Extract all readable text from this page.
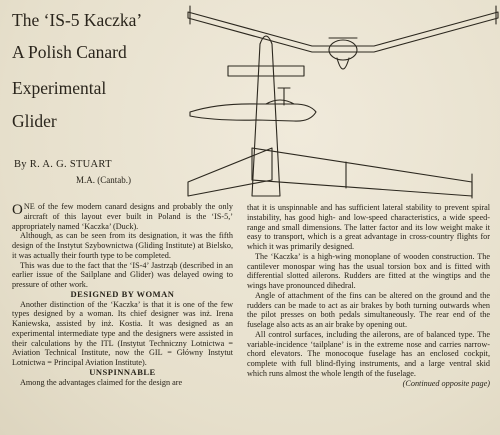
The ‘IS-5 Kaczka’
A Polish Canard
Experimental
Glider
By R. A. G. STUART
M.A. (Cantab.)

ONE of the few modern canard designs and probably the only aircraft of this layout ever built in Poland is the ‘IS-5,’ appropriately named ‘Kaczka’ (Duck).

Although, as can be seen from its designation, it was the fifth design of the Instytut Szybownictwa (Gliding Institute) at Bielsko, it was actually their fourth type to be completed.

This was due to the fact that the ‘IS-4’ Jastrząb (described in an earlier issue of the Sailplane and Glider) was delayed owing to pressure of other work.

DESIGNED BY WOMAN

Another distinction of the ‘Kaczka’ is that it is one of the few types designed by a woman. Its chief designer was inż. Irena Kaniewska, assisted by inż. Kostia. It was designed as an experimental intermediate type and the designers were assisted in their calculations by the ITL (Instytut Techniczny Lotnictwa = Aviation Technical Institute, now the GIL = Główny Instytut Lotnictwa = Principal Aviation Institute).

UNSPINNABLE

Among the advantages claimed for the design are

that it is unspinnable and has sufficient lateral stability to prevent spiral instability, has good high- and low-speed characteristics, a wide speed-range and small dimensions. The latter factor and its low weight make it easy to transport, which is a great advantage in cross-country flights for which it was primarily designed.

The ‘Kaczka’ is a high-wing monoplane of wooden construction. The cantilever monospar wing has the usual torsion box and is fitted with differential slotted ailerons. Rudders are fitted at the wingtips and the wings have pronounced dihedral.

Angle of attachment of the fins can be altered on the ground and the rudders can be made to act as air brakes by both turning outwards when the pilot presses on both pedals simultaneously. The rear end of the fuselage also acts as an air brake by opening out.

All control surfaces, including the ailerons, are of balanced type. The variable-incidence ‘tailplane’ is in the extreme nose and carries narrow-chord elevators. The monocoque fuselage has an enclosed cockpit, complete with full blind-flying instruments, and a large ventral skid which runs almost the whole length of the fuselage.
(Continued opposite page)
